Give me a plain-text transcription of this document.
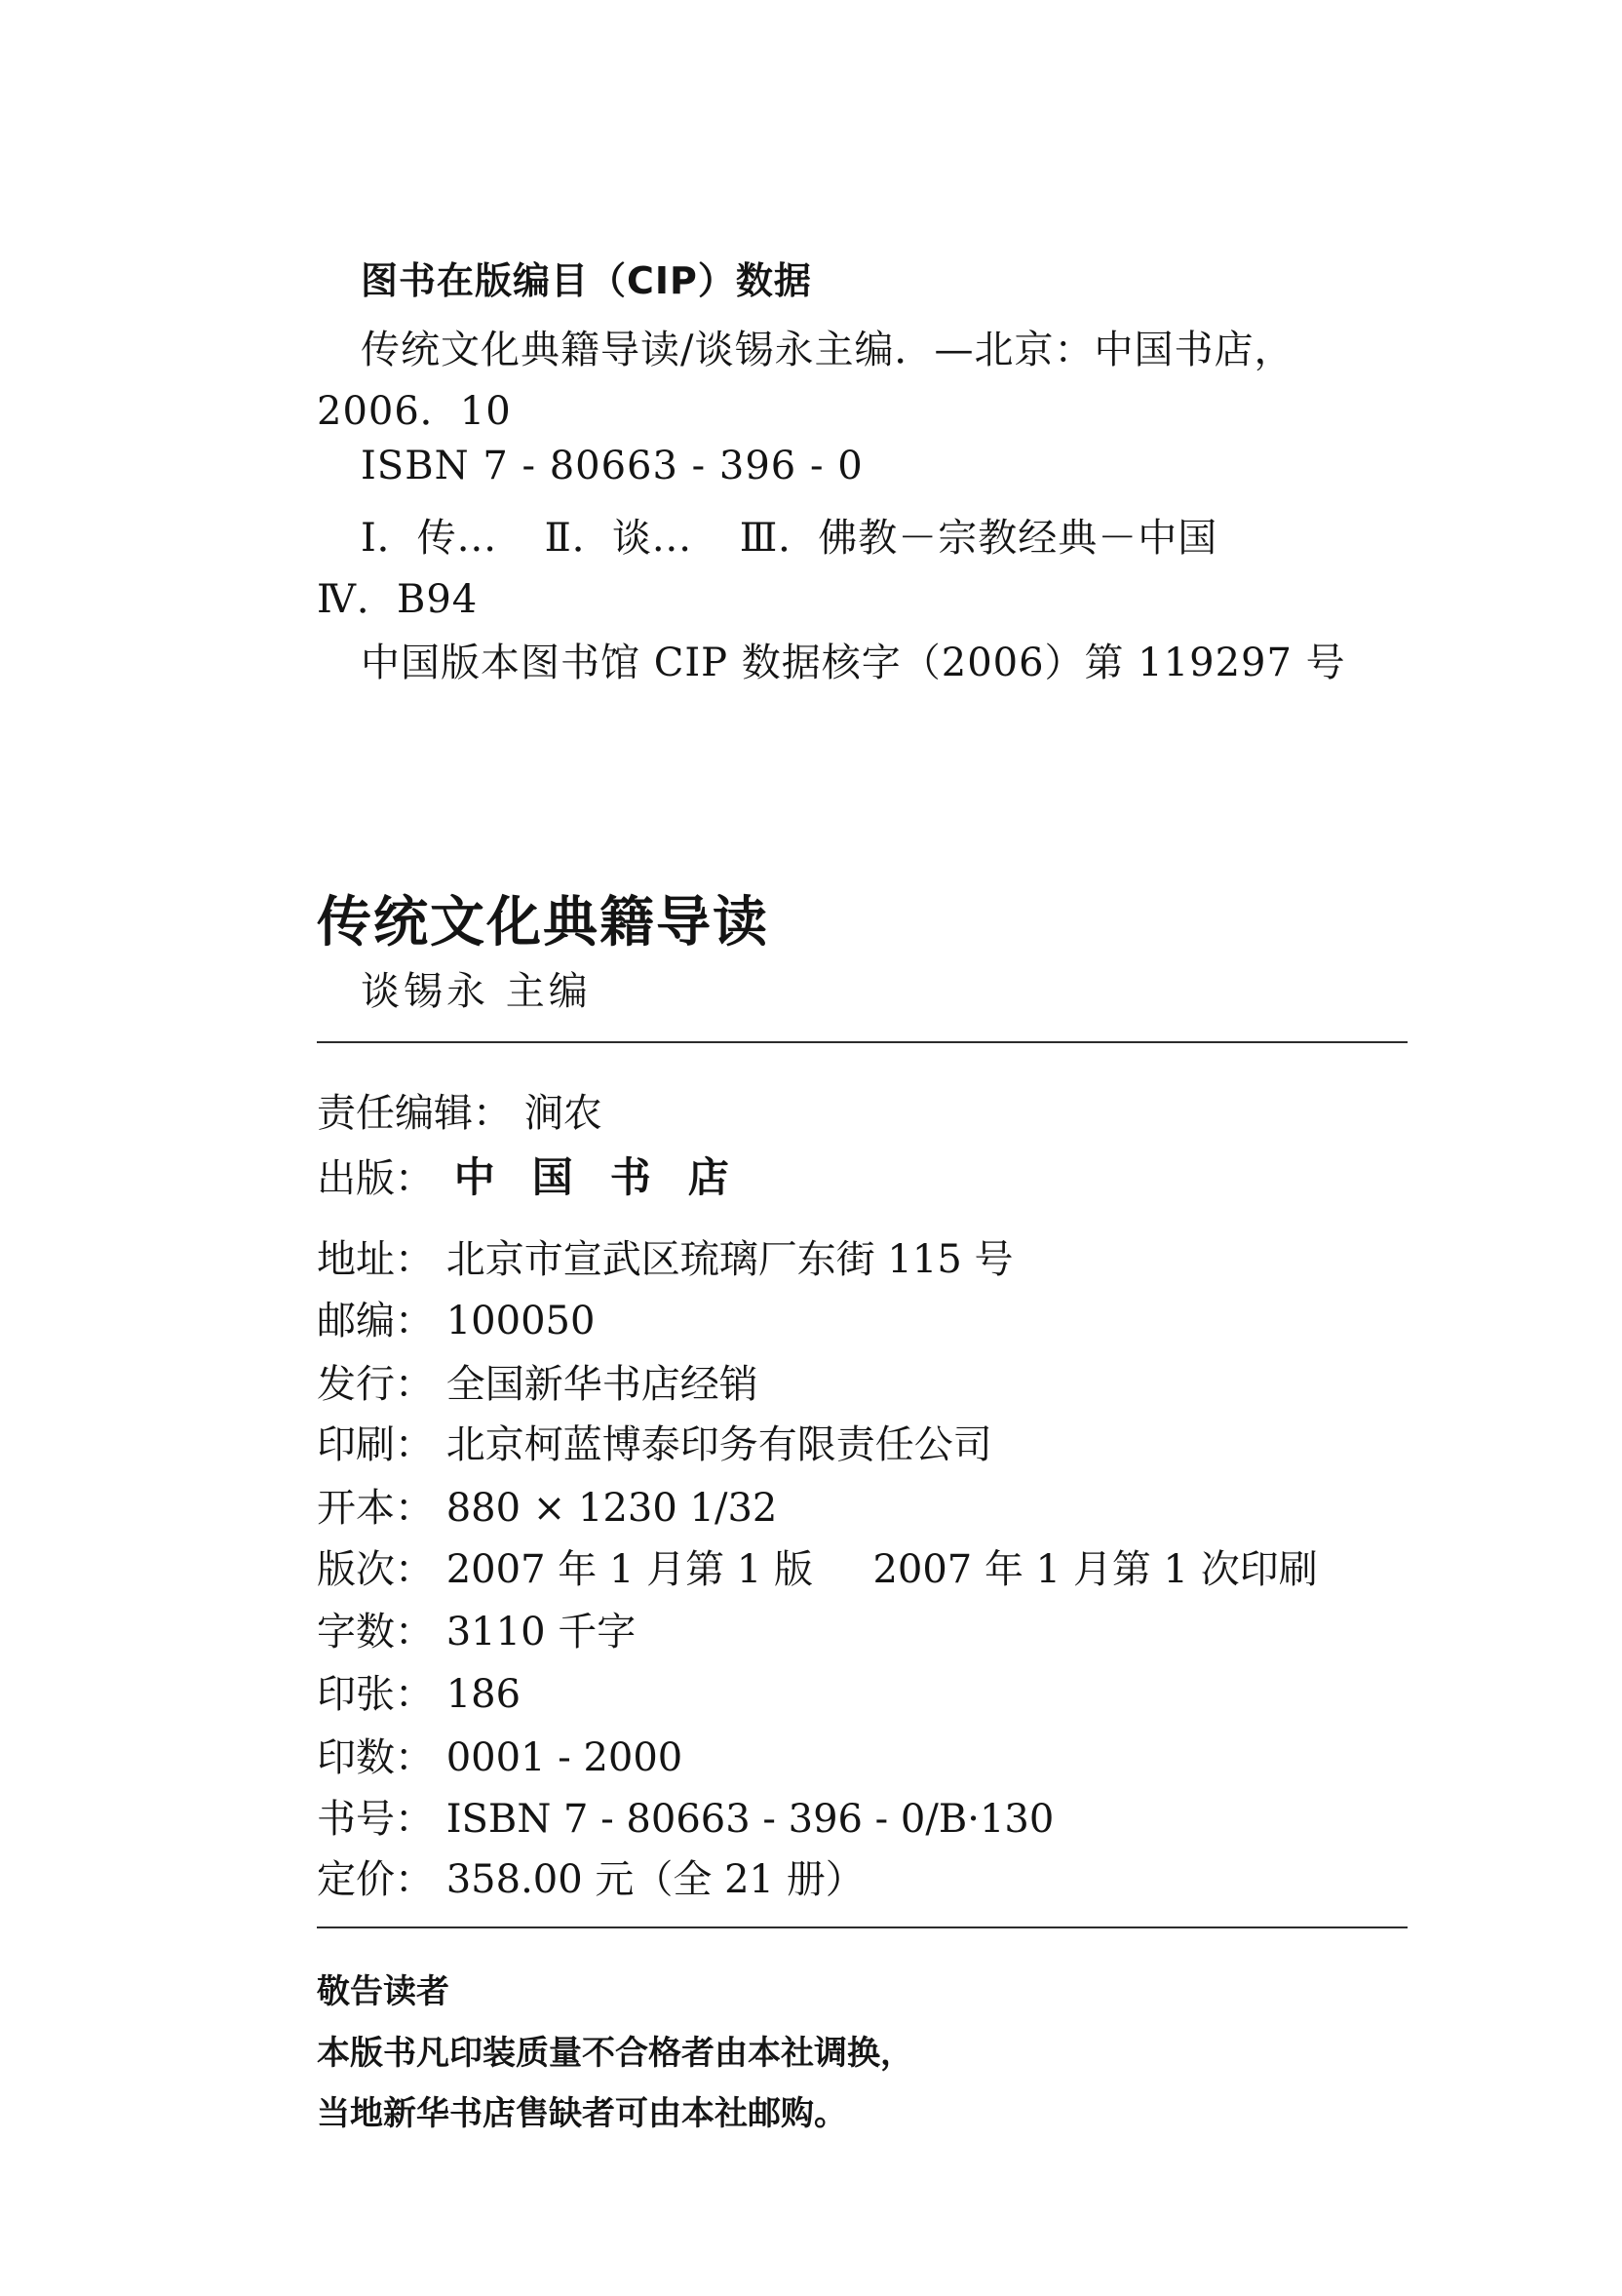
图书在版编目（CIP）数据
传统文化典籍导读/谈锡永主编．—北京：中国书店，
2006．10
ISBN 7 - 80663 - 396 - 0
Ⅰ．传... Ⅱ．谈... Ⅲ．佛教－宗教经典－中国
Ⅳ．B94
中国版本图书馆 CIP 数据核字（2006）第 119297 号
传统文化典籍导读
谈锡永 主编
责任编辑： 涧农
出版： 中国书店
地址： 北京市宣武区琉璃厂东街 115 号
邮编： 100050
发行： 全国新华书店经销
印刷： 北京柯蓝博泰印务有限责任公司
开本： 880 × 1230 1/32
版次： 2007 年 1 月第 1 版 2007 年 1 月第 1 次印刷
字数： 3110 千字
印张： 186
印数： 0001 - 2000
书号： ISBN 7 - 80663 - 396 - 0/B·130
定价： 358.00 元（全 21 册）
敬告读者
本版书凡印装质量不合格者由本社调换，
当地新华书店售缺者可由本社邮购。
